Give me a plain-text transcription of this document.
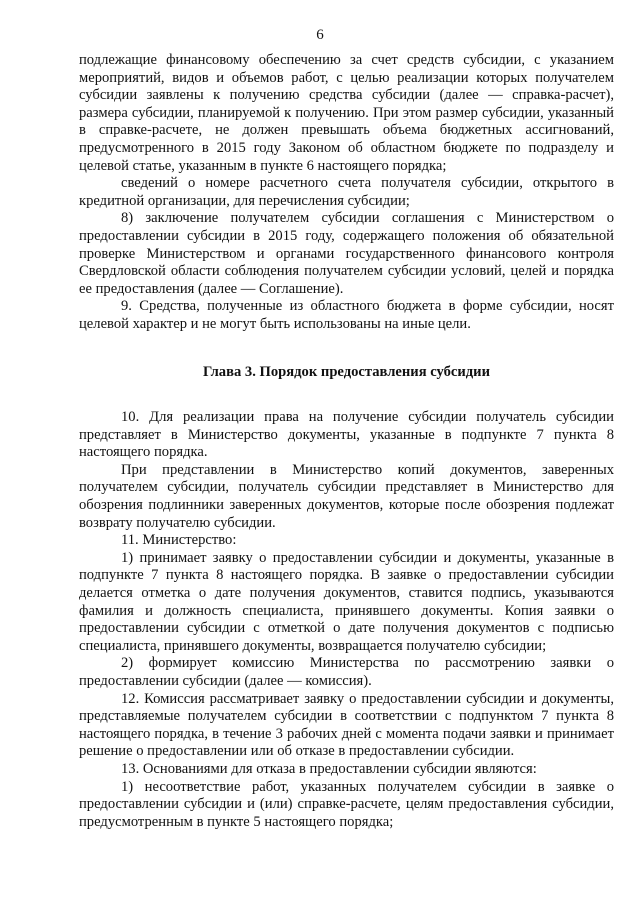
6

подлежащие финансовому обеспечению за счет средств субсидии, с указанием мероприятий, видов и объемов работ, с целью реализации которых получателем субсидии заявлены к получению средства субсидии (далее — справка-расчет), размера субсидии, планируемой к получению. При этом размер субсидии, указанный в справке-расчете, не должен превышать объема бюджетных ассигнований, предусмотренного в 2015 году Законом об областном бюджете по подразделу и целевой статье, указанным в пункте 6 настоящего порядка;

сведений о номере расчетного счета получателя субсидии, открытого в кредитной организации, для перечисления субсидии;

8) заключение получателем субсидии соглашения с Министерством о предоставлении субсидии в 2015 году, содержащего положения об обязательной проверке Министерством и органами государственного финансового контроля Свердловской области соблюдения получателем субсидии условий, целей и порядка ее предоставления (далее — Соглашение).

9. Средства, полученные из областного бюджета в форме субсидии, носят целевой характер и не могут быть использованы на иные цели.

Глава 3. Порядок предоставления субсидии

10. Для реализации права на получение субсидии получатель субсидии представляет в Министерство документы, указанные в подпункте 7 пункта 8 настоящего порядка.

При представлении в Министерство копий документов, заверенных получателем субсидии, получатель субсидии представляет в Министерство для обозрения подлинники заверенных документов, которые после обозрения подлежат возврату получателю субсидии.

11. Министерство:

1) принимает заявку о предоставлении субсидии и документы, указанные в подпункте 7 пункта 8 настоящего порядка. В заявке о предоставлении субсидии делается отметка о дате получения документов, ставится подпись, указываются фамилия и должность специалиста, принявшего документы. Копия заявки о предоставлении субсидии с отметкой о дате получения документов с подписью специалиста, принявшего документы, возвращается получателю субсидии;

2) формирует комиссию Министерства по рассмотрению заявки о предоставлении субсидии (далее — комиссия).

12. Комиссия рассматривает заявку о предоставлении субсидии и документы, представляемые получателем субсидии в соответствии с подпунктом 7 пункта 8 настоящего порядка, в течение 3 рабочих дней с момента подачи заявки и принимает решение о предоставлении или об отказе в предоставлении субсидии.

13. Основаниями для отказа в предоставлении субсидии являются:

1) несоответствие работ, указанных получателем субсидии в заявке о предоставлении субсидии и (или) справке-расчете, целям предоставления субсидии, предусмотренным в пункте 5 настоящего порядка;
